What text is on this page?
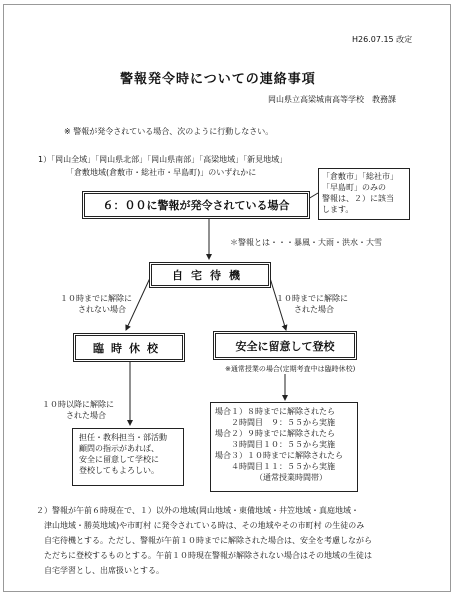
H26.07.15 改定
警報発令時についての連絡事項
岡山県立高梁城南高等学校　教務課
※ 警報が発令されている場合、次のように行動しなさい。
1）「岡山全域」「岡山県北部」「岡山県南部」「高梁地域」「新見地域」
「倉敷地域(倉敷市・総社市・早島町)」のいずれかに	「倉敷市」「総社市」
「早島町」のみの
警報は、２）に該当
します。
６：００に警報が発令されている場合
＊警報とは・・・暴風・大雨・洪水・大雪
自宅待機
１０時までに解除に
されない場合
１０時までに解除に
された場合
臨時休校	安全に留意して登校
※通常授業の場合(定期考査中は臨時休校)
１０時以降に解除に
された場合
担任・教科担当・部活動
顧問の指示があれば、
安全に留意して学校に
登校してもよろしい。
場合１）８時までに解除されたら
　　２時間目　９：５５から実施
場合２）９時までに解除されたら
　　３時間目１０：５５から実施
場合３）１０時までに解除されたら
　　４時間目１１：５５から実施
（通常授業時間帯）
２）警報が午前６時現在で、１）以外の地域(岡山地域・東備地域・井笠地域・真庭地域・
津山地域・勝英地域)や市町村 に発令されている時は、その地域やその市町村 の生徒のみ
自宅待機とする。ただし、警報が午前１０時までに解除された場合は、安全を考慮しながら
ただちに登校するものとする。午前１０時現在警報が解除されない場合はその地域の生徒は
自宅学習とし、出席扱いとする。
